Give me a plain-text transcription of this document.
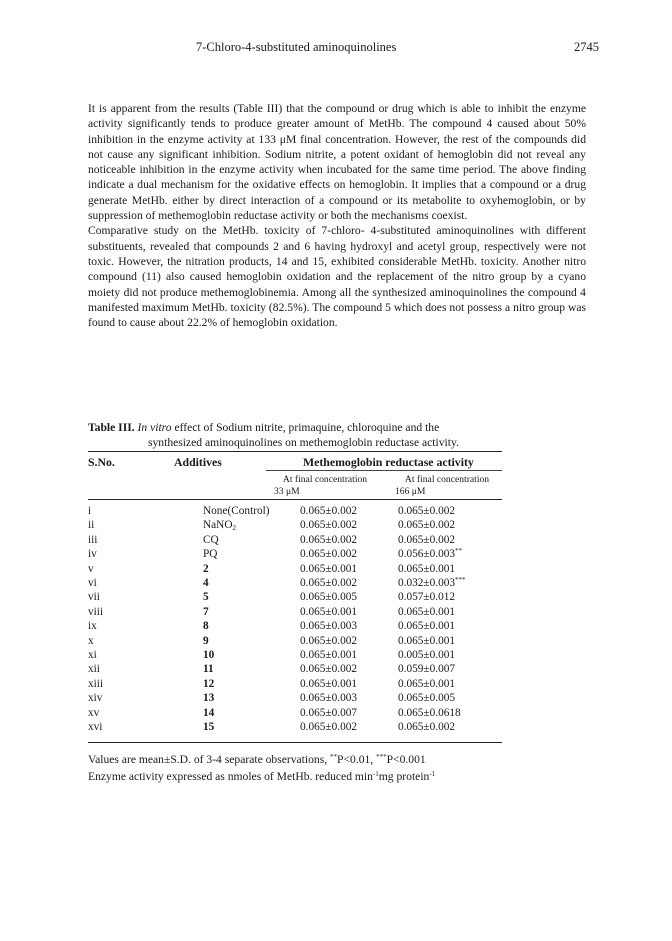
7-Chloro-4-substituted aminoquinolines	2745

It is apparent from the results (Table III) that the compound or drug which is able to inhibit the enzyme activity significantly tends to produce greater amount of MetHb. The compound 4 caused about 50% inhibition in the enzyme activity at 133 μM final concentration. However, the rest of the compounds did not cause any significant inhibition. Sodium nitrite, a potent oxidant of hemoglobin did not reveal any noticeable inhibition in the enzyme activity when incubated for the same time period. The above finding indicate a dual mechanism for the oxidative effects on hemoglobin. It implies that a compound or a drug generate MetHb. either by direct interaction of a compound or its metabolite to oxyhemoglobin, or by suppression of methemoglobin reductase activity or both the mechanisms coexist.

Comparative study on the MetHb. toxicity of 7-chloro- 4-substituted aminoquinolines with different substituents, revealed that compounds 2 and 6 having hydroxyl and acetyl group, respectively were not toxic. However, the nitration products, 14 and 15, exhibited considerable MetHb. toxicity. Another nitro compound (11) also caused hemoglobin oxidation and the replacement of the nitro group by a cyano moiety did not produce methemoglobinemia. Among all the synthesized aminoquinolines the compound 4 manifested maximum MetHb. toxicity (82.5%). The compound 5 which does not possess a nitro group was found to cause about 22.2% of hemoglobin oxidation.

Table III. In vitro effect of Sodium nitrite, primaquine, chloroquine and the
synthesized aminoquinolines on methemoglobin reductase activity.
S.No.	Additives	Methemoglobin reductase activity
At final concentration
33 μM
At final concentration
166 μM
i	None(Control)	0.065±0.002	0.065±0.002
ii	NaNO$_2$	0.065±0.002	0.065±0.002
iii	CQ	0.065±0.002	0.065±0.002
iv	PQ	0.065±0.002	0.056±0.003**
v	2	0.065±0.001	0.065±0.001
vi	4	0.065±0.002	0.032±0.003***
vii	5	0.065±0.005	0.057±0.012
viii	7	0.065±0.001	0.065±0.001
ix	8	0.065±0.003	0.065±0.001
x	9	0.065±0.002	0.065±0.001
xi	10	0.065±0.001	0.005±0.001
xii	11	0.065±0.002	0.059±0.007
xiii	12	0.065±0.001	0.065±0.001
xiv	13	0.065±0.003	0.065±0.005
xv	14	0.065±0.007	0.065±0.0618
xvi	15	0.065±0.002	0.065±0.002
Values are mean±S.D. of 3-4 separate observations, **P<0.01, ***P<0.001
Enzyme activity expressed as nmoles of MetHb. reduced $\min^{-1}mg$ protein$^{-1}$
